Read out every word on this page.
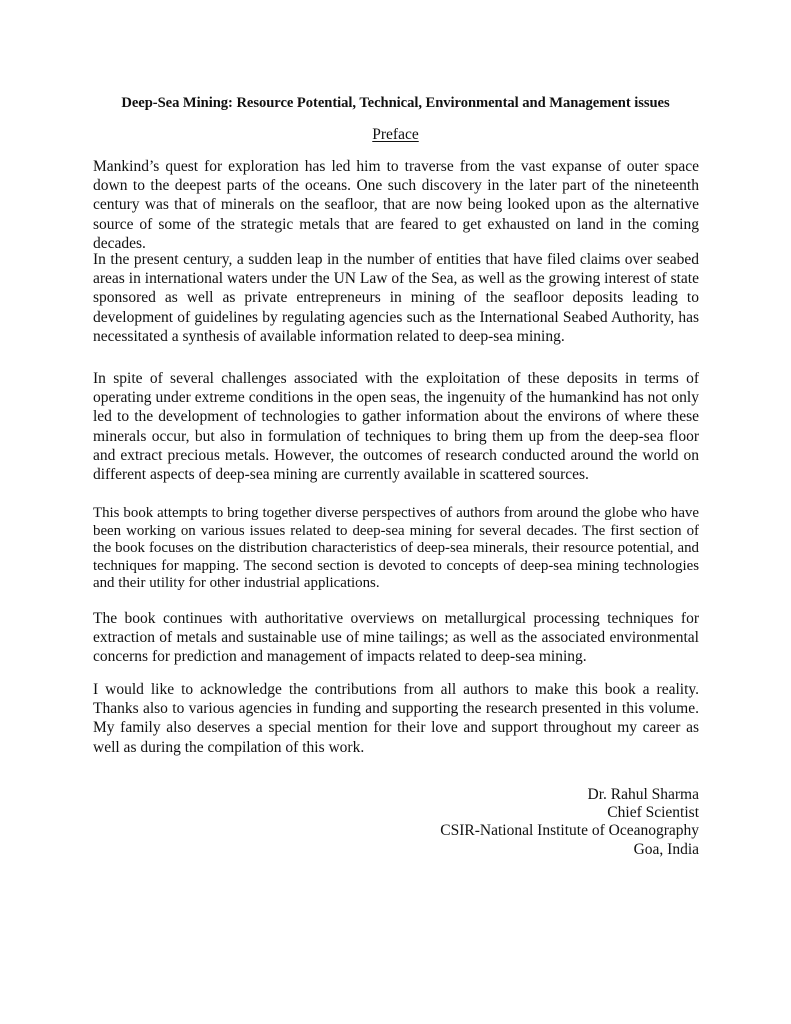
Deep-Sea Mining: Resource Potential, Technical, Environmental and Management issues
Preface

Mankind’s quest for exploration has led him to traverse from the vast expanse of outer space down to the deepest parts of the oceans. One such discovery in the later part of the nineteenth century was that of minerals on the seafloor, that are now being looked upon as the alternative source of some of the strategic metals that are feared to get exhausted on land in the coming decades.

In the present century, a sudden leap in the number of entities that have filed claims over seabed areas in international waters under the UN Law of the Sea, as well as the growing interest of state sponsored as well as private entrepreneurs in mining of the seafloor deposits leading to development of guidelines by regulating agencies such as the International Seabed Authority, has necessitated a synthesis of available information related to deep-sea mining.

In spite of several challenges associated with the exploitation of these deposits in terms of operating under extreme conditions in the open seas, the ingenuity of the humankind has not only led to the development of technologies to gather information about the environs of where these minerals occur, but also in formulation of techniques to bring them up from the deep-sea floor and extract precious metals. However, the outcomes of research conducted around the world on different aspects of deep-sea mining are currently available in scattered sources.

This book attempts to bring together diverse perspectives of authors from around the globe who have been working on various issues related to deep-sea mining for several decades. The first section of the book focuses on the distribution characteristics of deep-sea minerals, their resource potential, and techniques for mapping. The second section is devoted to concepts of deep-sea mining technologies and their utility for other industrial applications.

The book continues with authoritative overviews on metallurgical processing techniques for extraction of metals and sustainable use of mine tailings; as well as the associated environmental concerns for prediction and management of impacts related to deep-sea mining.

I would like to acknowledge the contributions from all authors to make this book a reality. Thanks also to various agencies in funding and supporting the research presented in this volume. My family also deserves a special mention for their love and support throughout my career as well as during the compilation of this work.

Dr. Rahul Sharma
Chief Scientist
CSIR-National Institute of Oceanography
Goa, India
